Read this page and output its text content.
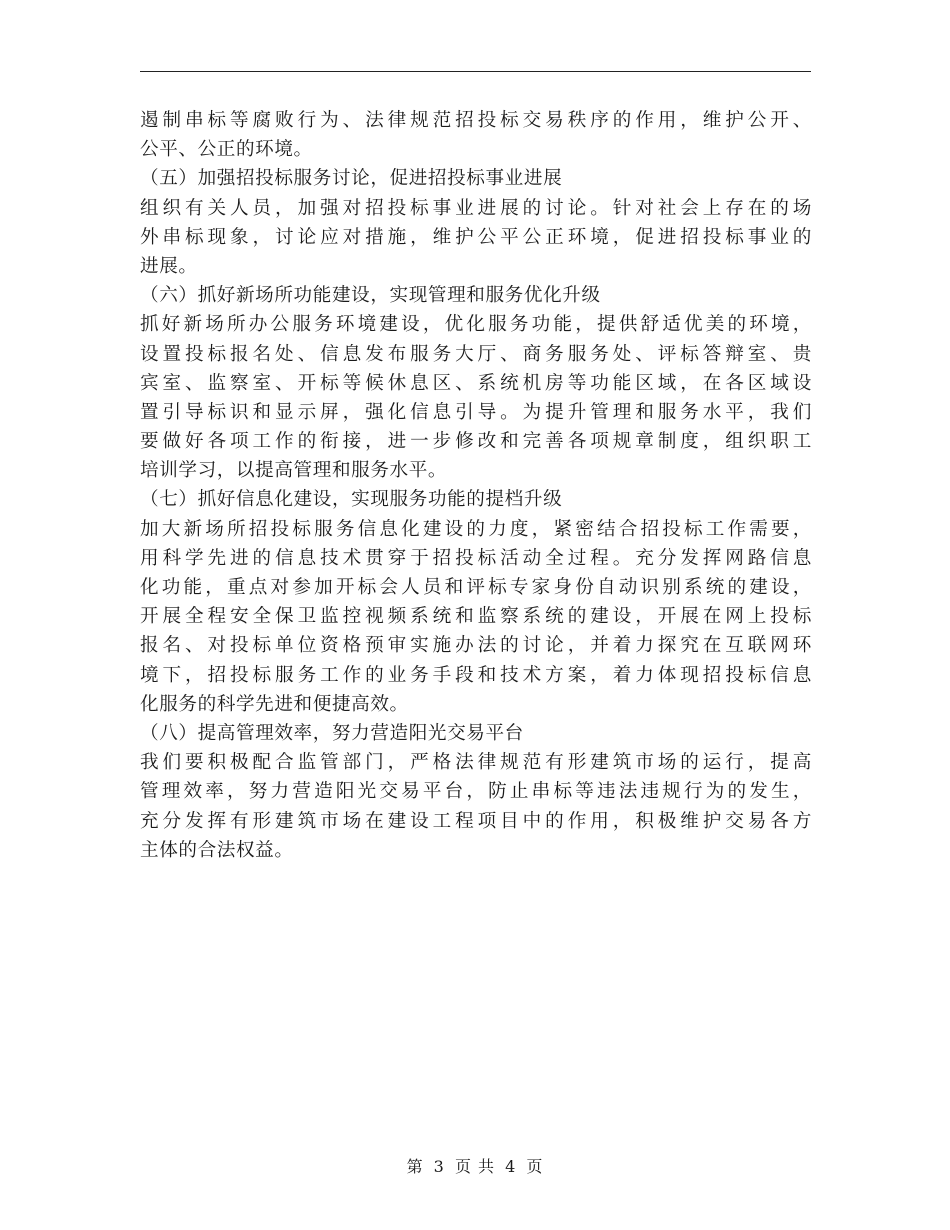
遏制串标等腐败行为、法律规范招投标交易秩序的作用，维护公开、
公平、公正的环境。
（五）加强招投标服务讨论，促进招投标事业进展
组织有关人员，加强对招投标事业进展的讨论。针对社会上存在的场
外串标现象，讨论应对措施，维护公平公正环境，促进招投标事业的
进展。
（六）抓好新场所功能建设，实现管理和服务优化升级
抓好新场所办公服务环境建设，优化服务功能，提供舒适优美的环境，
设置投标报名处、信息发布服务大厅、商务服务处、评标答辩室、贵
宾室、监察室、开标等候休息区、系统机房等功能区域，在各区域设
置引导标识和显示屏，强化信息引导。为提升管理和服务水平，我们
要做好各项工作的衔接，进一步修改和完善各项规章制度，组织职工
培训学习，以提高管理和服务水平。
（七）抓好信息化建设，实现服务功能的提档升级
加大新场所招投标服务信息化建设的力度，紧密结合招投标工作需要，
用科学先进的信息技术贯穿于招投标活动全过程。充分发挥网路信息
化功能，重点对参加开标会人员和评标专家身份自动识别系统的建设，
开展全程安全保卫监控视频系统和监察系统的建设，开展在网上投标
报名、对投标单位资格预审实施办法的讨论，并着力探究在互联网环
境下，招投标服务工作的业务手段和技术方案，着力体现招投标信息
化服务的科学先进和便捷高效。
（八）提高管理效率，努力营造阳光交易平台
我们要积极配合监管部门，严格法律规范有形建筑市场的运行，提高
管理效率，努力营造阳光交易平台，防止串标等违法违规行为的发生，
充分发挥有形建筑市场在建设工程项目中的作用，积极维护交易各方
主体的合法权益。
第 3 页 共 4 页
